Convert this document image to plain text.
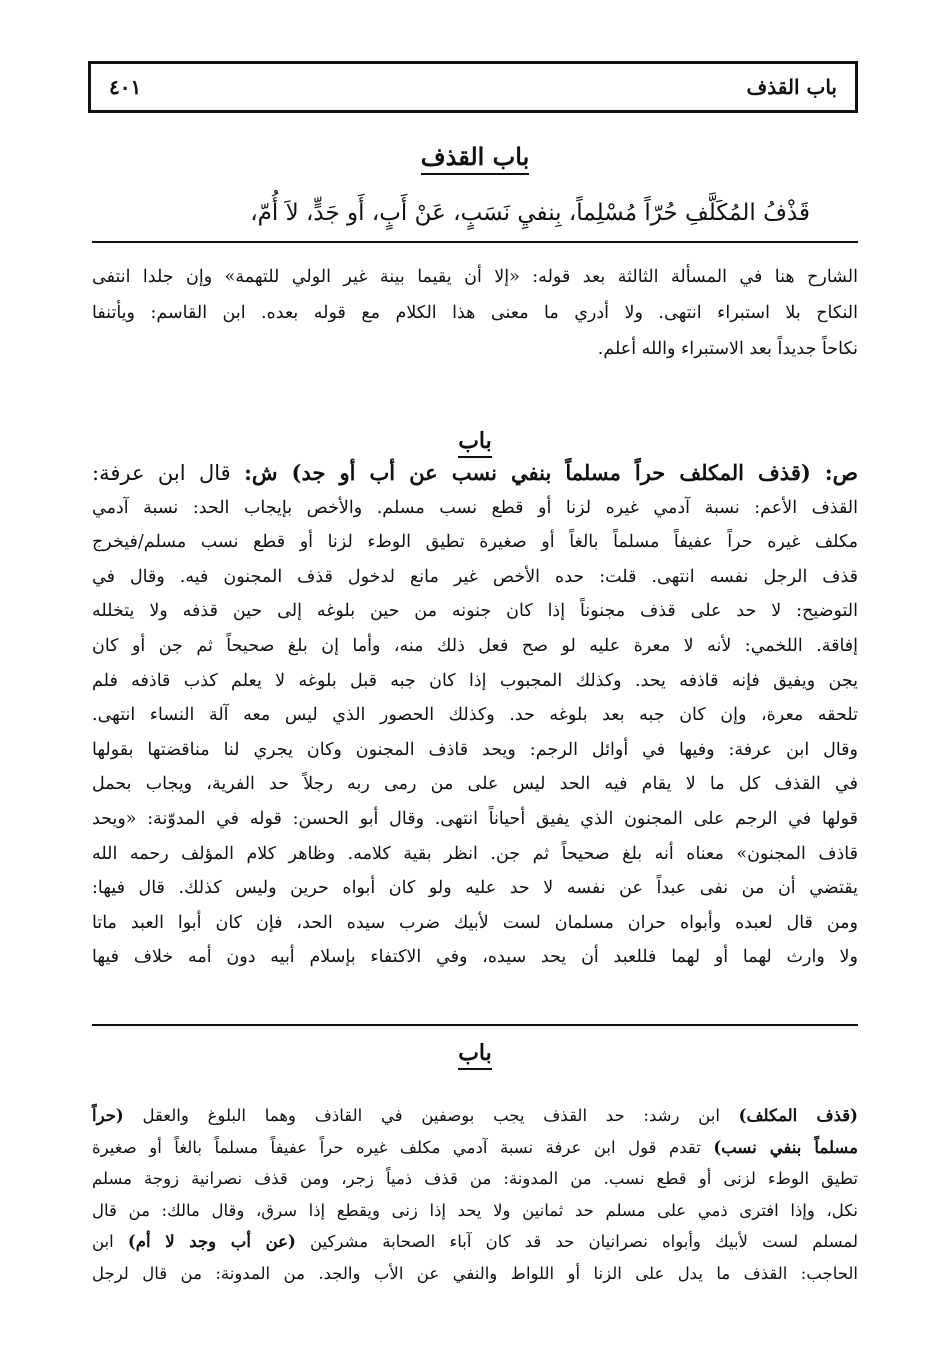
باب القذف
٤٠١
باب القذف
قَذْفُ المُكَلَّفِ حُرّاً مُسْلِماً، بِنفيِ نَسَبٍ، عَنْ أَبٍ، أَو جَدٍّ، لاَ أُمّ،
الشارح هنا في المسألة الثالثة بعد قوله: «إلا أن يقيما بينة غير الولي للتهمة» وإن جلدا انتفى
النكاح بلا استبراء انتهى. ولا أدري ما معنى هذا الكلام مع قوله بعده. ابن القاسم: ويأتنفا
نكاحاً جديداً بعد الاستبراء والله أعلم.
باب
ص: (قذف المكلف حراً مسلماً بنفي نسب عن أب أو جد) ش: قال ابن عرفة:
القذف الأعم: نسبة آدمي غيره لزنا أو قطع نسب مسلم. والأخص بإيجاب الحد: نسبة آدمي
مكلف غيره حراً عفيفاً مسلماً بالغاً أو صغيرة تطيق الوطء لزنا أو قطع نسب مسلم/فيخرج
قذف الرجل نفسه انتهى. قلت: حده الأخص غير مانع لدخول قذف المجنون فيه. وقال في
التوضيح: لا حد على قذف مجنوناً إذا كان جنونه من حين بلوغه إلى حين قذفه ولا يتخلله
إفاقة. اللخمي: لأنه لا معرة عليه لو صح فعل ذلك منه، وأما إن بلغ صحيحاً ثم جن أو كان
يجن ويفيق فإنه قاذفه يحد. وكذلك المجبوب إذا كان جبه قبل بلوغه لا يعلم كذب قاذفه فلم
تلحقه معرة، وإن كان جبه بعد بلوغه حد. وكذلك الحصور الذي ليس معه آلة النساء انتهى.
وقال ابن عرفة: وفيها في أوائل الرجم: ويحد قاذف المجنون وكان يجري لنا مناقضتها بقولها
في القذف كل ما لا يقام فيه الحد ليس على من رمى ربه رجلاً حد الفرية، ويجاب بحمل
قولها في الرجم على المجنون الذي يفيق أحياناً انتهى. وقال أبو الحسن: قوله في المدوّنة: «ويحد
قاذف المجنون» معناه أنه بلغ صحيحاً ثم جن. انظر بقية كلامه. وظاهر كلام المؤلف رحمه الله
يقتضي أن من نفى عبداً عن نفسه لا حد عليه ولو كان أبواه حرين وليس كذلك. قال فيها:
ومن قال لعبده وأبواه حران مسلمان لست لأبيك ضرب سيده الحد، فإن كان أبوا العبد ماتا
ولا وارث لهما أو لهما فللعبد أن يحد سيده، وفي الاكتفاء بإسلام أبيه دون أمه خلاف فيها
باب
(قذف المكلف) ابن رشد: حد القذف يجب بوصفين في القاذف وهما البلوغ والعقل (حراً
مسلماً بنفي نسب) تقدم قول ابن عرفة نسبة آدمي مكلف غيره حراً عفيفاً مسلماً بالغاً أو صغيرة
تطيق الوطء لزنى أو قطع نسب. من المدونة: من قذف ذمياً زجر، ومن قذف نصرانية زوجة مسلم
نكل، وإذا افترى ذمي على مسلم حد ثمانين ولا يحد إذا زنى ويقطع إذا سرق، وقال مالك: من قال
لمسلم لست لأبيك وأبواه نصرانيان حد قد كان آباء الصحابة مشركين (عن أب وجد لا أم) ابن
الحاجب: القذف ما يدل على الزنا أو اللواط والنفي عن الأب والجد. من المدونة: من قال لرجل
